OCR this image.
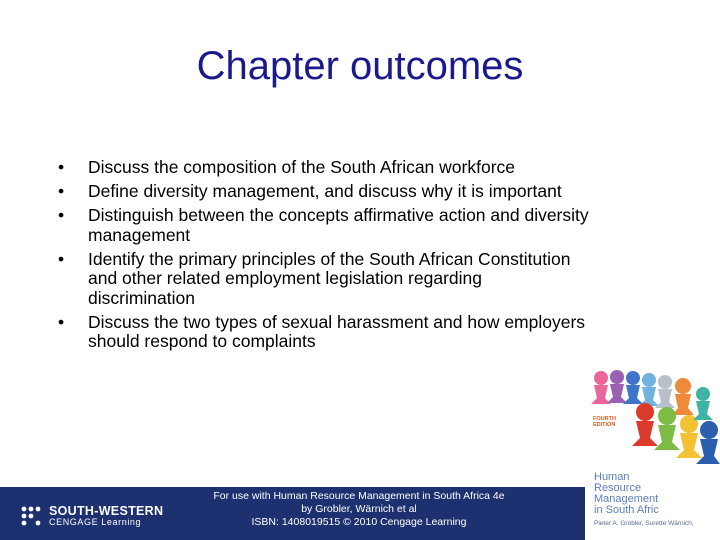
Chapter outcomes
• Discuss the composition of the South African workforce
• Define diversity management, and discuss why it is important
• Distinguish between the concepts affirmative action and diversity
management
• Identify the primary principles of the South African Constitution
and other related employment legislation regarding
discrimination
• Discuss the two types of sexual harassment and how employers
should respond to complaints
SOUTH-WESTERN
CENGAGE Learning
For use with Human Resource Management in South Africa 4e
by Grobler, Wärnich et al
ISBN: 1408019515 © 2010 Cengage Learning
FOURTH EDITION
Human
Resource
Management
in South Afric
Pieter A. Grobler, Surette Wärnich,
